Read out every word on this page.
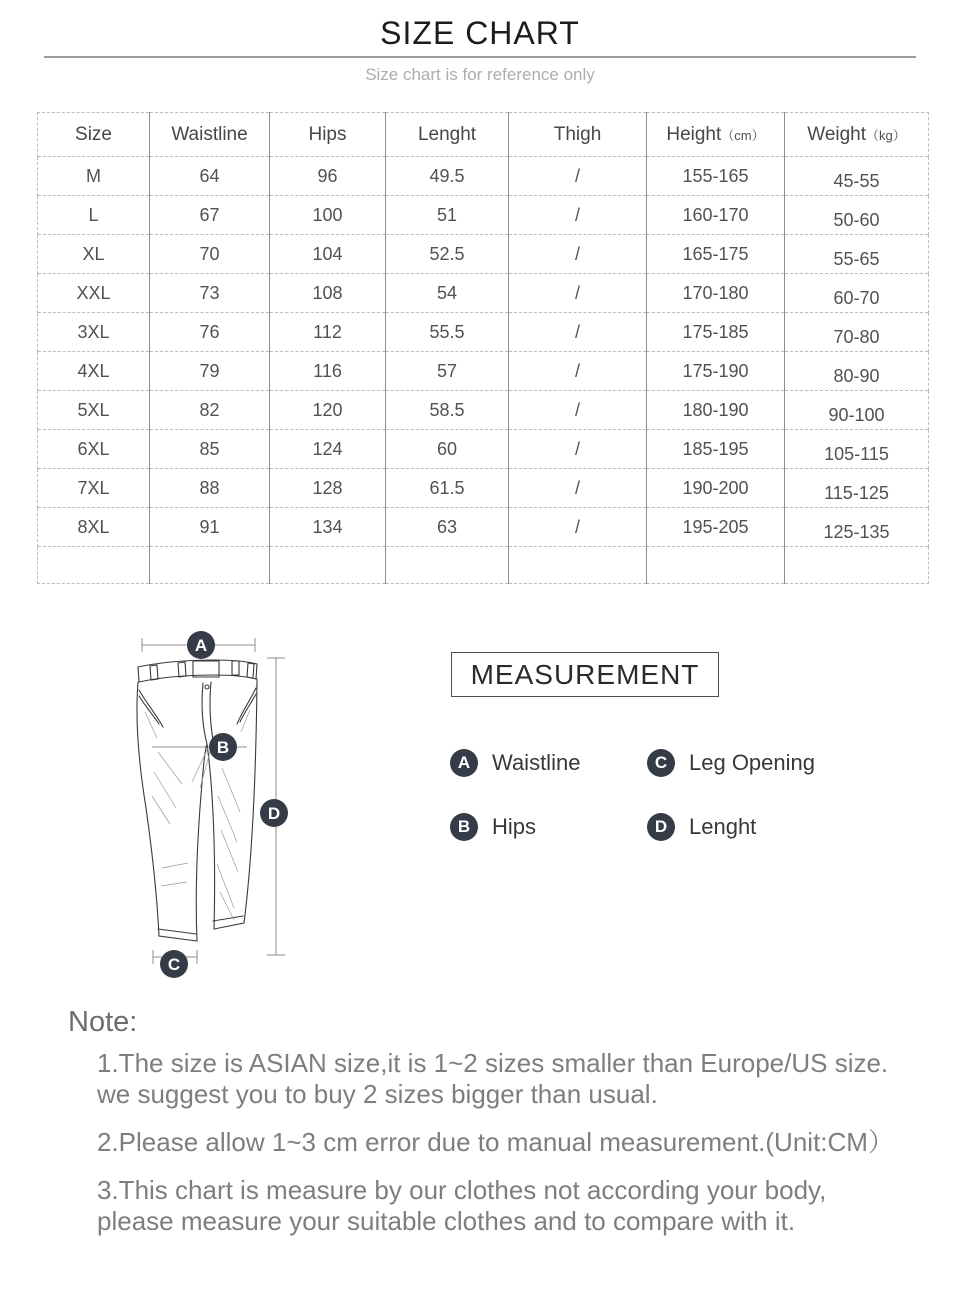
SIZE CHART
Size chart is for reference only
Size	Waistline	Hips	Lenght	Thigh	Height（cm）	Weight（kg）
M	64	96	49.5	/	155-165	45-55
L	67	100	51	/	160-170	50-60
XL	70	104	52.5	/	165-175	55-65
XXL	73	108	54	/	170-180	60-70
3XL	76	112	55.5	/	175-185	70-80
4XL	79	116	57	/	175-190	80-90
5XL	82	120	58.5	/	180-190	90-100
6XL	85	124	60	/	185-195	105-115
7XL	88	128	61.5	/	190-200	115-125
8XL	91	134	63	/	195-205	125-135

A
B
C
D
MEASUREMENT
A Waistline	C Leg Opening
B Hips	D Lenght
Note:
1.The size is ASIAN size,it is 1~2 sizes smaller than Europe/US size.
we suggest you to buy 2 sizes bigger than usual.
2.Please allow 1~3 cm error due to manual measurement.(Unit:CM）
3.This chart is measure by our clothes not according your body,
please measure your suitable clothes and to compare with it.
